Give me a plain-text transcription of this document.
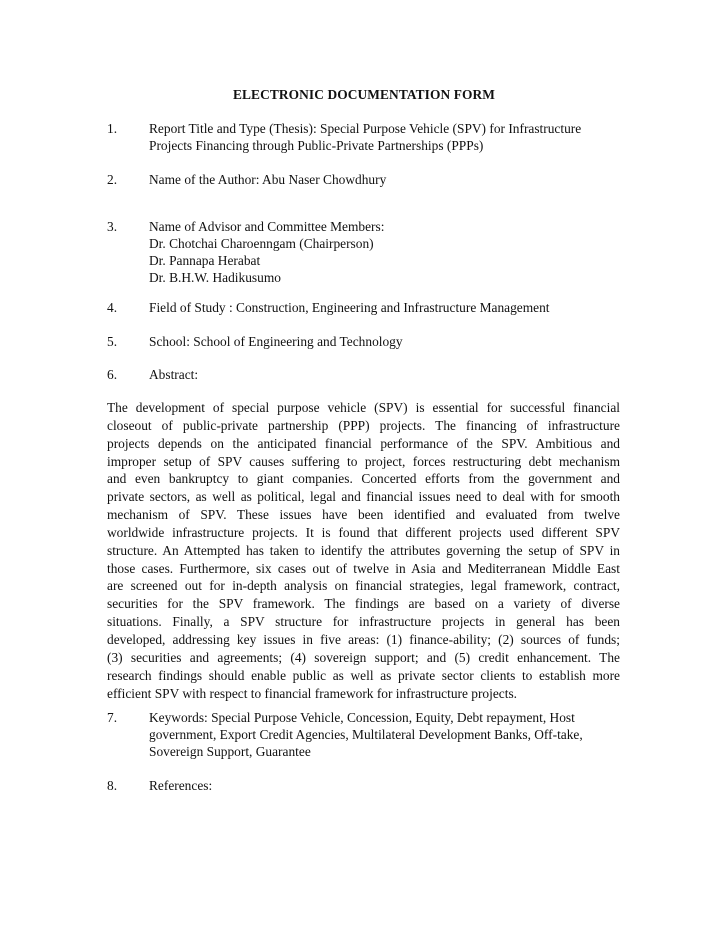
ELECTRONIC DOCUMENTATION FORM
1. Report Title and Type (Thesis): Special Purpose Vehicle (SPV) for Infrastructure
Projects Financing through Public-Private Partnerships (PPPs)
2. Name of the Author: Abu Naser Chowdhury
3. Name of Advisor and Committee Members:
Dr. Chotchai Charoenngam (Chairperson)
Dr. Pannapa Herabat
Dr. B.H.W. Hadikusumo
4. Field of Study : Construction, Engineering and Infrastructure Management
5. School: School of Engineering and Technology
6. Abstract:
The development of special purpose vehicle (SPV) is essential for successful financial
closeout of public-private partnership (PPP) projects. The financing of infrastructure
projects depends on the anticipated financial performance of the SPV. Ambitious and
improper setup of SPV causes suffering to project, forces restructuring debt mechanism
and even bankruptcy to giant companies. Concerted efforts from the government and
private sectors, as well as political, legal and financial issues need to deal with for smooth
mechanism of SPV. These issues have been identified and evaluated from twelve
worldwide infrastructure projects. It is found that different projects used different SPV
structure. An Attempted has taken to identify the attributes governing the setup of SPV in
those cases. Furthermore, six cases out of twelve in Asia and Mediterranean Middle East
are screened out for in-depth analysis on financial strategies, legal framework, contract,
securities for the SPV framework. The findings are based on a variety of diverse
situations. Finally, a SPV structure for infrastructure projects in general has been
developed, addressing key issues in five areas: (1) finance-ability; (2) sources of funds;
(3) securities and agreements; (4) sovereign support; and (5) credit enhancement. The
research findings should enable public as well as private sector clients to establish more
efficient SPV with respect to financial framework for infrastructure projects.
7. Keywords: Special Purpose Vehicle, Concession, Equity, Debt repayment, Host
government, Export Credit Agencies, Multilateral Development Banks, Off-take,
Sovereign Support, Guarantee
8. References:
